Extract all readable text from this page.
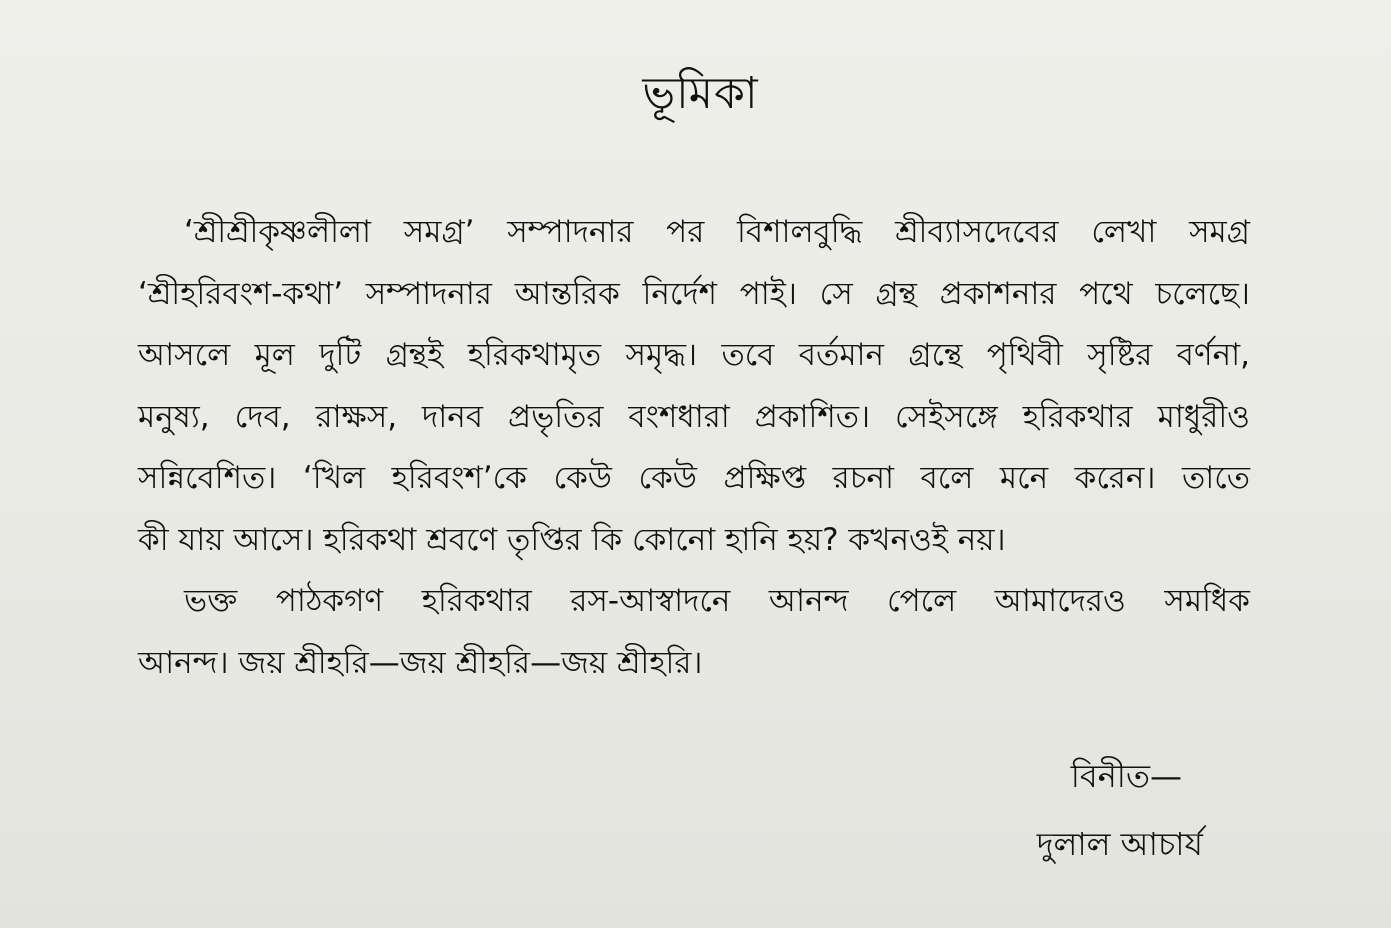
ভূমিকা
‘শ্রীশ্রীকৃষ্ণলীলা সমগ্র’ সম্পাদনার পর বিশালবুদ্ধি শ্রীব্যাসদেবের লেখা সমগ্র
‘শ্রীহরিবংশ-কথা’ সম্পাদনার আন্তরিক নির্দেশ পাই। সে গ্রন্থ প্রকাশনার পথে চলেছে।
আসলে মূল দুটি গ্রন্থই হরিকথামৃত সমৃদ্ধ। তবে বর্তমান গ্রন্থে পৃথিবী সৃষ্টির বর্ণনা,
মনুষ্য, দেব, রাক্ষস, দানব প্রভৃতির বংশধারা প্রকাশিত। সেইসঙ্গে হরিকথার মাধুরীও
সন্নিবেশিত। ‘খিল হরিবংশ’কে কেউ কেউ প্রক্ষিপ্ত রচনা বলে মনে করেন। তাতে
কী যায় আসে। হরিকথা শ্রবণে তৃপ্তির কি কোনো হানি হয়? কখনওই নয়।
ভক্ত পাঠকগণ হরিকথার রস-আস্বাদনে আনন্দ পেলে আমাদেরও সমধিক
আনন্দ। জয় শ্রীহরি—জয় শ্রীহরি—জয় শ্রীহরি।
বিনীত—
দুলাল আচার্য
